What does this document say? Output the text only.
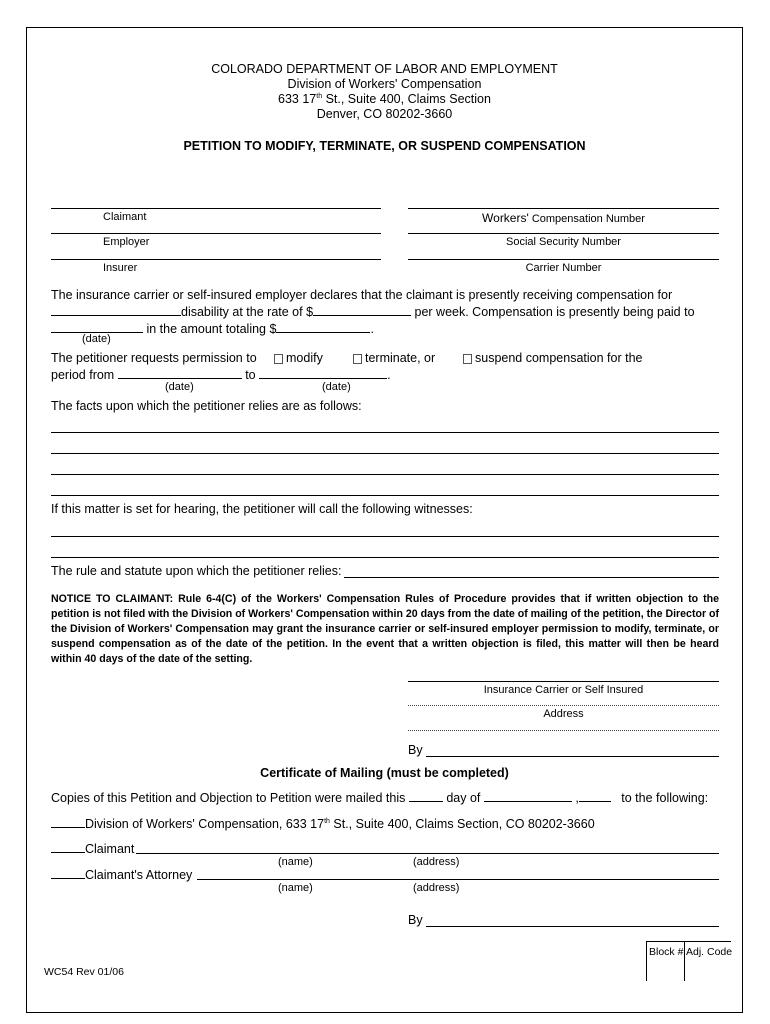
COLORADO DEPARTMENT OF LABOR AND EMPLOYMENT
Division of Workers' Compensation
633 17th St., Suite 400, Claims Section
Denver, CO 80202-3660
PETITION TO MODIFY, TERMINATE, OR SUSPEND COMPENSATION
Claimant	Workers' Compensation Number
Employer	Social Security Number
Insurer	Carrier Number
The insurance carrier or self-insured employer declares that the claimant is presently receiving compensation for
disability at the rate of $	per week. Compensation is presently being paid to
in the amount totaling $	.
(date)
The petitioner requests permission to	modify	terminate, or	suspend compensation for the
period from	to	.
(date)	(date)
The facts upon which the petitioner relies are as follows:
If this matter is set for hearing, the petitioner will call the following witnesses:
The rule and statute upon which the petitioner relies:
NOTICE TO CLAIMANT: Rule 6-4(C) of the Workers' Compensation Rules of Procedure provides that if written objection to the petition is not filed with the Division of Workers' Compensation within 20 days from the date of mailing of the petition, the Director of the Division of Workers' Compensation may grant the insurance carrier or self-insured employer permission to modify, terminate, or suspend compensation as of the date of the petition. In the event that a written objection is filed, this matter will then be heard within 40 days of the date of the setting.
Insurance Carrier or Self Insured
Address
By
Certificate of Mailing (must be completed)
Copies of this Petition and Objection to Petition were mailed this	day of	,	to the following:
Division of Workers' Compensation, 633 17th St., Suite 400, Claims Section, CO 80202-3660
Claimant
(name)	(address)
Claimant's Attorney
(name)	(address)
By
WC54 Rev 01/06
Block # Adj. Code
